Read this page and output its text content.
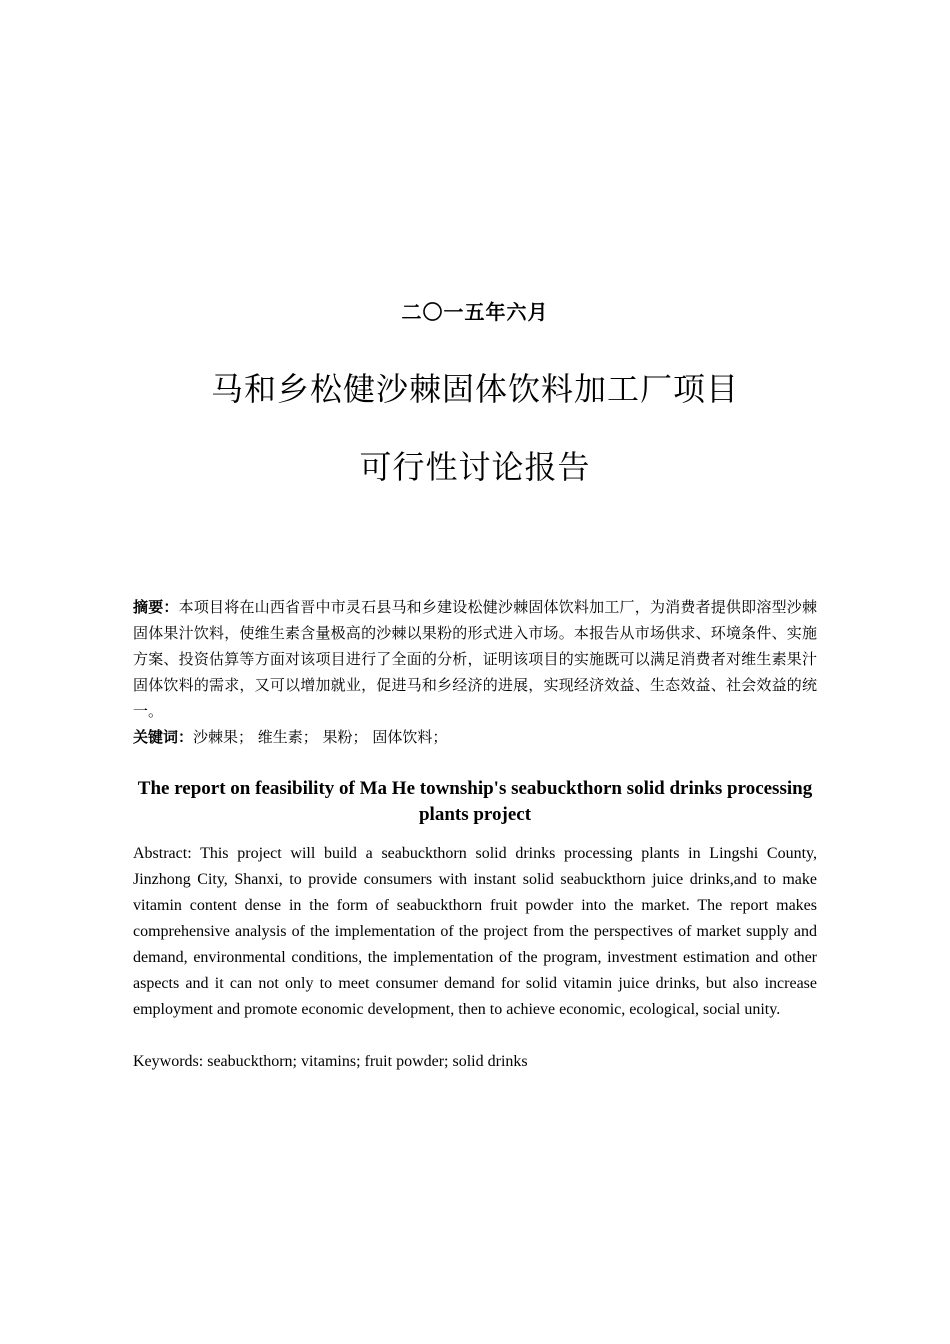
二〇一五年六月
马和乡松健沙棘固体饮料加工厂项目
可行性讨论报告
摘要：本项目将在山西省晋中市灵石县马和乡建设松健沙棘固体饮料加工厂，为消费者提供即溶型沙棘固体果汁饮料，使维生素含量极高的沙棘以果粉的形式进入市场。本报告从市场供求、环境条件、实施方案、投资估算等方面对该项目进行了全面的分析，证明该项目的实施既可以满足消费者对维生素果汁固体饮料的需求，又可以增加就业，促进马和乡经济的进展，实现经济效益、生态效益、社会效益的统一。
关键词：沙棘果； 维生素； 果粉； 固体饮料；
The report on feasibility of Ma He township's seabuckthorn solid drinks processing plants project
Abstract: This project will build a seabuckthorn solid drinks processing plants in Lingshi County, Jinzhong City, Shanxi, to provide consumers with instant solid seabuckthorn juice drinks,and to make vitamin content dense in the form of seabuckthorn fruit powder into the market. The report makes comprehensive analysis of the implementation of the project from the perspectives of market supply and demand, environmental conditions, the implementation of the program, investment estimation and other aspects and it can not only to meet consumer demand for solid vitamin juice drinks, but also increase employment and promote economic development, then to achieve economic, ecological, social unity.
Keywords: seabuckthorn; vitamins; fruit powder; solid drinks
